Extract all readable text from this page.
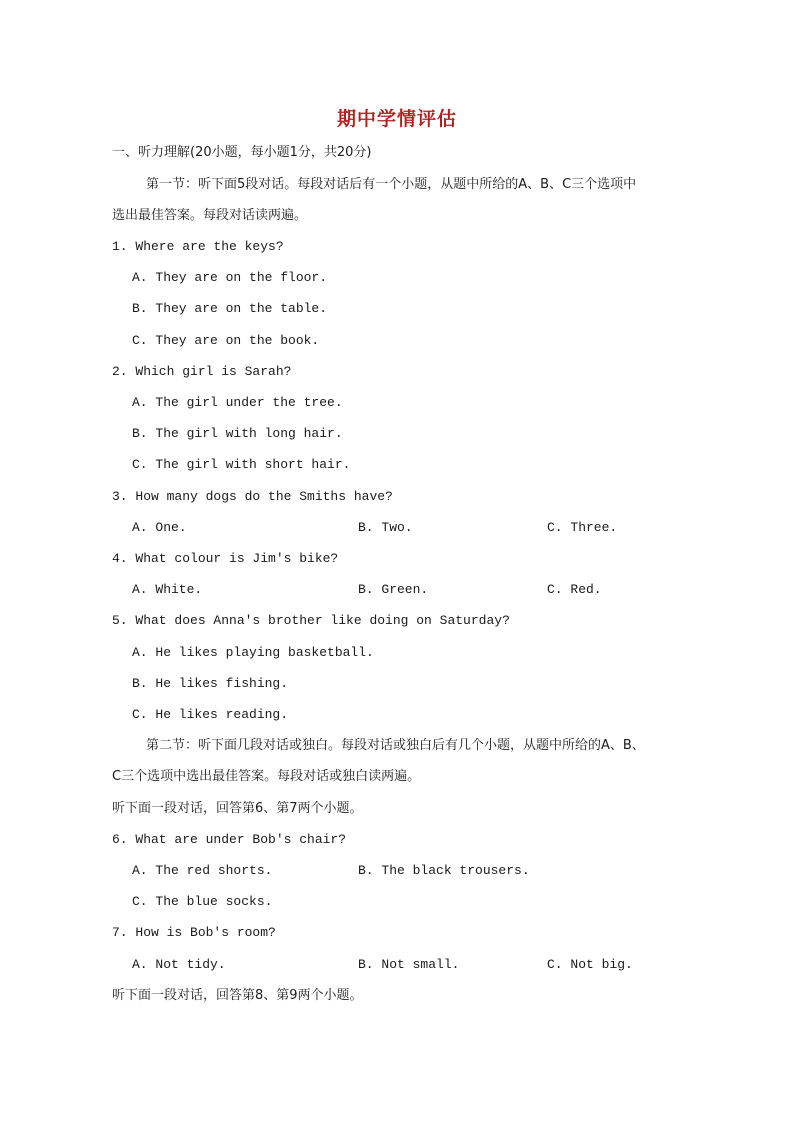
期中学情评估
一、听力理解(20小题，每小题1分，共20分)
第一节：听下面5段对话。每段对话后有一个小题，从题中所给的A、B、C三个选项中
选出最佳答案。每段对话读两遍。
1. Where are the keys?
A. They are on the floor.
B. They are on the table.
C. They are on the book.
2. Which girl is Sarah?
A. The girl under the tree.
B. The girl with long hair.
C. The girl with short hair.
3. How many dogs do the Smiths have?
A. One.	B. Two.	C. Three.
4. What colour is Jim's bike?
A. White.	B. Green.	C. Red.
5. What does Anna's brother like doing on Saturday?
A. He likes playing basketball.
B. He likes fishing.
C. He likes reading.
第二节：听下面几段对话或独白。每段对话或独白后有几个小题，从题中所给的A、B、
C三个选项中选出最佳答案。每段对话或独白读两遍。
听下面一段对话，回答第6、第7两个小题。
6. What are under Bob's chair?
A. The red shorts.	B. The black trousers.
C. The blue socks.
7. How is Bob's room?
A. Not tidy.	B. Not small.	C. Not big.
听下面一段对话，回答第8、第9两个小题。
